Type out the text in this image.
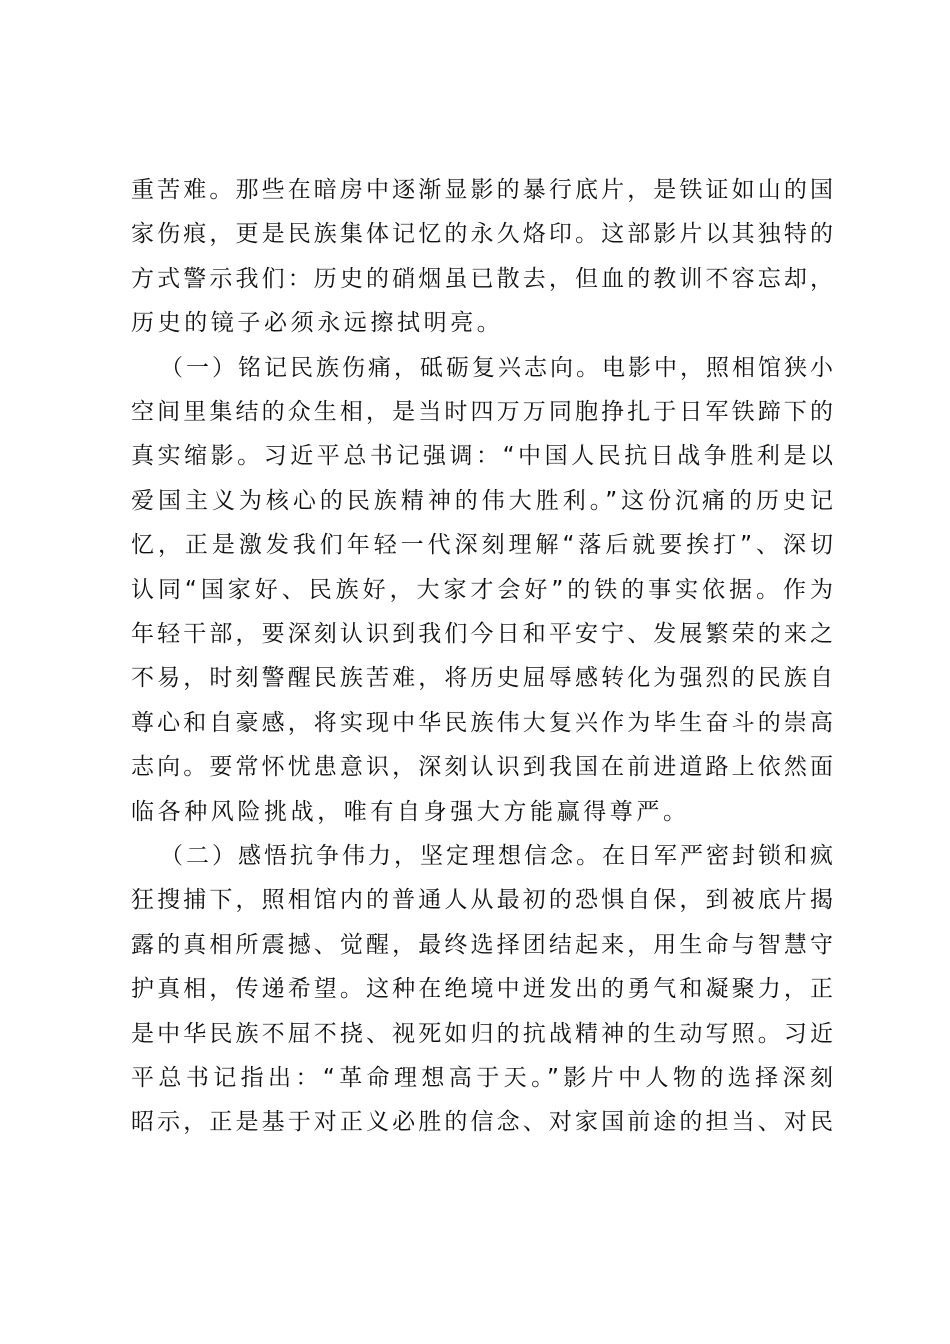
重苦难。那些在暗房中逐渐显影的暴行底片，是铁证如山的国
家伤痕，更是民族集体记忆的永久烙印。这部影片以其独特的
方式警示我们：历史的硝烟虽已散去，但血的教训不容忘却，
历史的镜子必须永远擦拭明亮。
（一）铭记民族伤痛，砥砺复兴志向。电影中，照相馆狭小
空间里集结的众生相，是当时四万万同胞挣扎于日军铁蹄下的
真实缩影。习近平总书记强调：“中国人民抗日战争胜利是以
爱国主义为核心的民族精神的伟大胜利。”这份沉痛的历史记
忆，正是激发我们年轻一代深刻理解“落后就要挨打”、深切
认同“国家好、民族好，大家才会好”的铁的事实依据。作为
年轻干部，要深刻认识到我们今日和平安宁、发展繁荣的来之
不易，时刻警醒民族苦难，将历史屈辱感转化为强烈的民族自
尊心和自豪感，将实现中华民族伟大复兴作为毕生奋斗的崇高
志向。要常怀忧患意识，深刻认识到我国在前进道路上依然面
临各种风险挑战，唯有自身强大方能赢得尊严。
（二）感悟抗争伟力，坚定理想信念。在日军严密封锁和疯
狂搜捕下，照相馆内的普通人从最初的恐惧自保，到被底片揭
露的真相所震撼、觉醒，最终选择团结起来，用生命与智慧守
护真相，传递希望。这种在绝境中迸发出的勇气和凝聚力，正
是中华民族不屈不挠、视死如归的抗战精神的生动写照。习近
平总书记指出：“革命理想高于天。”影片中人物的选择深刻
昭示，正是基于对正义必胜的信念、对家国前途的担当、对民
